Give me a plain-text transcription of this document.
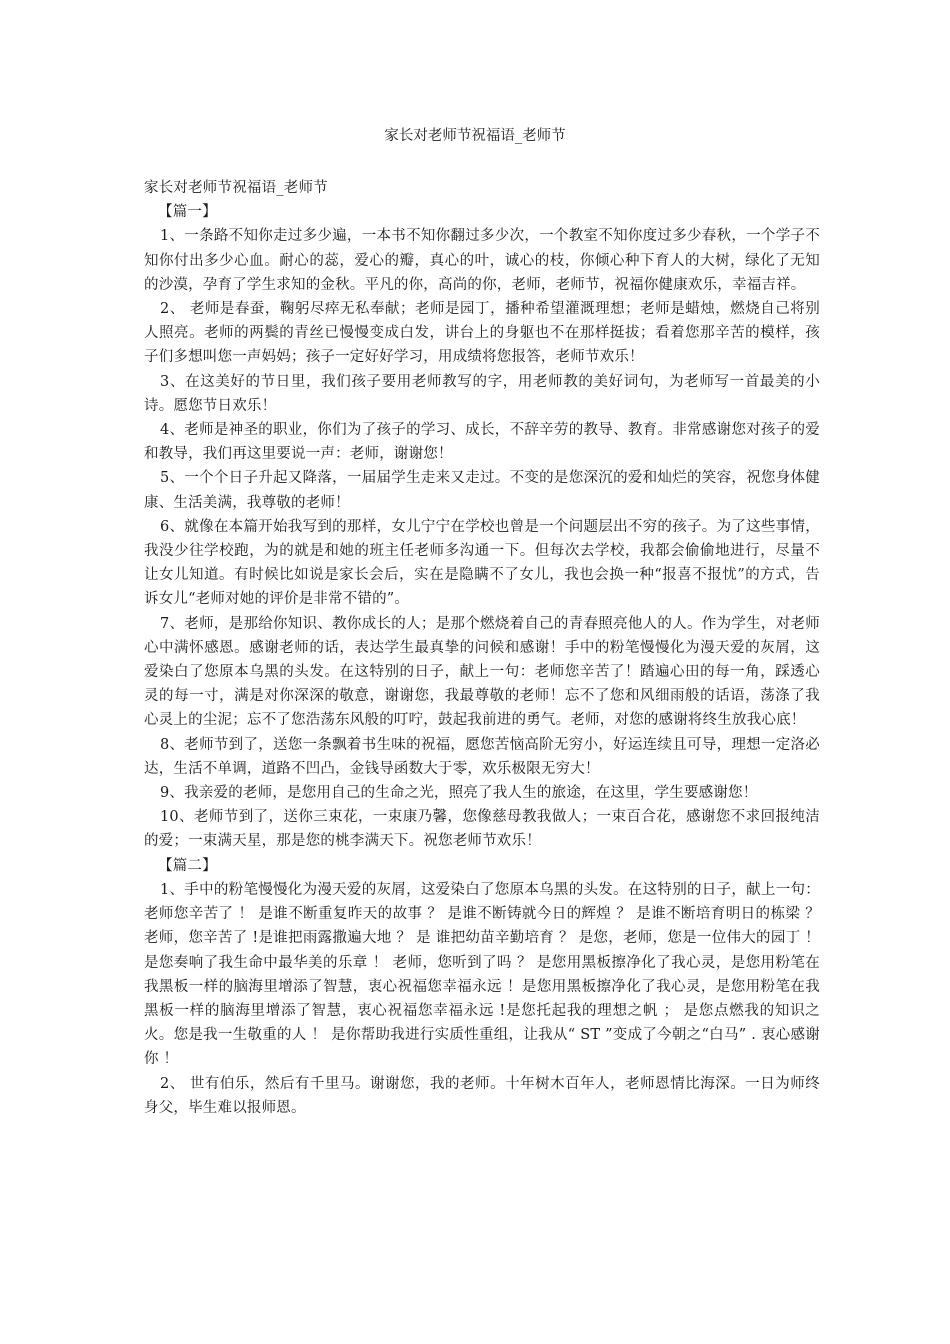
家长对老师节祝福语_老师节

家长对老师节祝福语_老师节

【篇一】

1、一条路不知你走过多少遍，一本书不知你翻过多少次，一个教室不知你度过多少春秋，一个学子不知你付出多少心血。耐心的蕊，爱心的瓣，真心的叶，诚心的枝，你倾心种下育人的大树，绿化了无知的沙漠，孕育了学生求知的金秋。平凡的你，高尚的你，老师，老师节，祝福你健康欢乐，幸福吉祥。

2、 老师是春蚕，鞠躬尽瘁无私奉献；老师是园丁，播种希望灌溉理想；老师是蜡烛，燃烧自己将别人照亮。老师的两鬓的青丝已慢慢变成白发，讲台上的身躯也不在那样挺拔；看着您那辛苦的模样，孩子们多想叫您一声妈妈；孩子一定好好学习，用成绩将您报答，老师节欢乐！

3、在这美好的节日里，我们孩子要用老师教写的字，用老师教的美好词句，为老师写一首最美的小诗。愿您节日欢乐！

4、老师是神圣的职业，你们为了孩子的学习、成长，不辞辛劳的教导、教育。非常感谢您对孩子的爱和教导，我们再这里要说一声：老师，谢谢您！

5、一个个日子升起又降落，一届届学生走来又走过。不变的是您深沉的爱和灿烂的笑容，祝您身体健康、生活美满，我尊敬的老师！

6、就像在本篇开始我写到的那样，女儿宁宁在学校也曾是一个问题层出不穷的孩子。为了这些事情，我没少往学校跑，为的就是和她的班主任老师多沟通一下。但每次去学校，我都会偷偷地进行，尽量不让女儿知道。有时候比如说是家长会后，实在是隐瞒不了女儿，我也会换一种“报喜不报忧”的方式，告诉女儿“老师对她的评价是非常不错的”。

7、老师，是那给你知识、教你成长的人；是那个燃烧着自己的青春照亮他人的人。作为学生，对老师心中满怀感恩。感谢老师的话，表达学生最真挚的问候和感谢！手中的粉笔慢慢化为漫天爱的灰屑，这爱染白了您原本乌黑的头发。在这特别的日子，献上一句：老师您辛苦了！踏遍心田的每一角，踩透心灵的每一寸，满是对你深深的敬意，谢谢您，我最尊敬的老师！忘不了您和风细雨般的话语，荡涤了我心灵上的尘泥；忘不了您浩荡东风般的叮咛，鼓起我前进的勇气。老师，对您的感谢将终生放我心底！

8、老师节到了，送您一条飘着书生味的祝福，愿您苦恼高阶无穷小，好运连续且可导，理想一定洛必达，生活不单调，道路不凹凸，金钱导函数大于零，欢乐极限无穷大！

9、我亲爱的老师，是您用自己的生命之光，照亮了我人生的旅途，在这里，学生要感谢您！

10、老师节到了，送你三束花，一束康乃馨，您像慈母教我做人；一束百合花，感谢您不求回报纯洁的爱；一束满天星，那是您的桃李满天下。祝您老师节欢乐！

【篇二】

1、手中的粉笔慢慢化为漫天爱的灰屑，这爱染白了您原本乌黑的头发。在这特别的日子，献上一句：老师您辛苦了 ！ 是谁不断重复昨天的故事 ？ 是谁不断铸就今日的辉煌 ？ 是谁不断培育明日的栋梁 ？ 老师，您辛苦了 !是谁把雨露撒遍大地 ？ 是 谁把幼苗辛勤培育 ？ 是您，老师，您是一位伟大的园丁 ！ 是您奏响了我生命中最华美的乐章 ！ 老师，您听到了吗 ？ 是您用黑板擦净化了我心灵，是您用粉笔在我黑板一样的脑海里增添了智慧，衷心祝福您幸福永远 ！是您用黑板擦净化了我心灵，是您用粉笔在我黑板一样的脑海里增添了智慧，衷心祝福您幸福永远 !是您托起我的理想之帆 ； 是您点燃我的知识之火。您是我一生敬重的人 ！ 是你帮助我进行实质性重组，让我从“ ST ”变成了今朝之“白马” . 衷心感谢你 ！

2、 世有伯乐，然后有千里马。谢谢您，我的老师。十年树木百年人，老师恩情比海深。一日为师终 身父，毕生难以报师恩。
